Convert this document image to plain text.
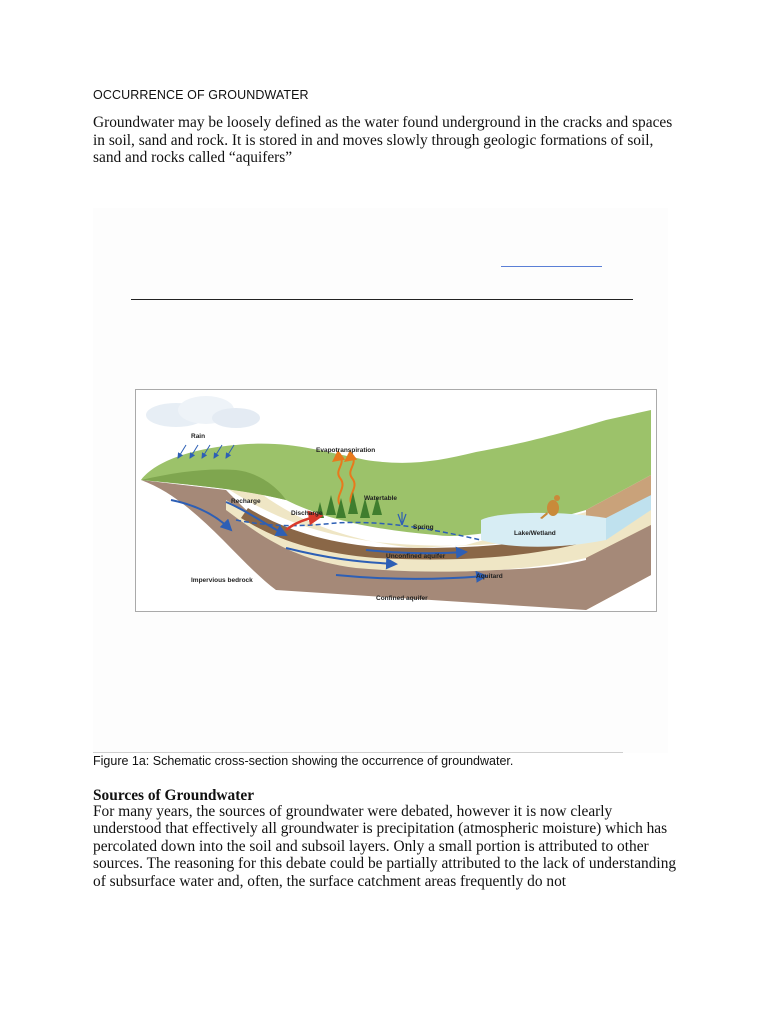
OCCURRENCE OF GROUNDWATER
Groundwater may be loosely defined as the water found underground in the cracks and spaces in soil, sand and rock. It is stored in and moves slowly through geologic formations of soil, sand and rocks called “aquifers”
Rain
Evapotranspiration
Recharge	Watertable
Discharge
Spring
Lake/Wetland
Unconfined aquifer
Aquitard
Impervious bedrock
Confined aquifer
Figure 1a: Schematic cross-section showing the occurrence of groundwater.
Sources of Groundwater
For many years, the sources of groundwater were debated, however it is now clearly understood that effectively all groundwater is precipitation (atmospheric moisture) which has percolated down into the soil and subsoil layers. Only a small portion is attributed to other sources. The reasoning for this debate could be partially attributed to the lack of understanding of subsurface water and, often, the surface catchment areas frequently do not
